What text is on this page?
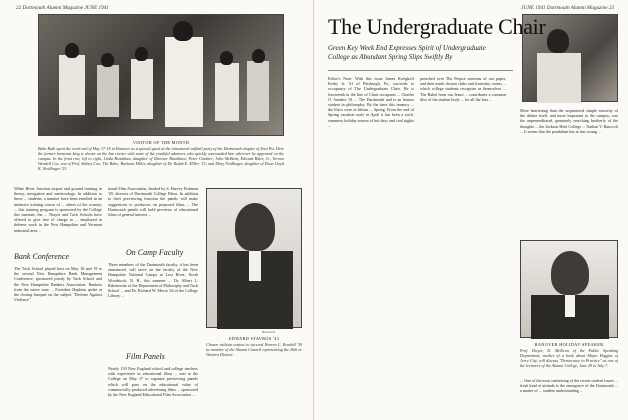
22 Dartmouth Alumni Magazine JUNE 1941
VISITOR OF THE MONTH
Babe Ruth spent the week-end of May 17-18 in Hanover as a special guest at the intramural softball party of the Dartmouth chapter of Zeta Psi. Here the former homerun king is shown on the Inn corner with some of the youthful admirers who quickly surrounded him wherever he appeared on the campus. In the front row, left to right, Linda Bradshaw, daughter of Director Bradshaw; Peter Gunther; John McBain; Edward Riker, Jr.; Vernon Wendell Cox, son of Prof. Sidney Cox; The Babe; Barbara Miller, daughter of Dr. Ralph E. Miller '15; and Mary Neidlinger, daughter of Dean Lloyd K. Neidlinger '23.
White River Junction airport and ground training in theory, navigation and meteorology. In addition to these ... students, a number have been enrolled in an intensive training course of ... others of the country. ... this training program is sponsored by the College this summer, the ... Thayer and Tuck Schools have offered to give free of charge to ... employed in defense work in the New Hampshire and Vermont industrial area ...
Bank Conference
The Tuck School played host on May 18 and 19 to the second New Hampshire Bank Management Conference, sponsored jointly by Tuck School and the New Hampshire Bankers Association. Bankers from the entire state ... President Hopkins spoke at the closing banquet on the subject "Defense Against Violence."
tional Film Association, headed by S. Harvey Fishman '29, director of Dartmouth College Films. In addition to their previewing function the panels will make suggestions to producers on proposed films ... The Dartmouth panels will hold previews of educational films of general interest ...
On Camp Faculty
Three members of the Dartmouth faculty, it has been announced, will serve on the faculty of the New Hampshire National Camps at Lost River, North Woodstock, N. H., this summer ... Dr. Albert L. Rabinowitz of the Department of Philosophy and Tuck School ... and Dr. Richard W. Morin '24 of the College Library ...
Film Panels
Nearly 150 New England school and college teachers with experience in educational films ... met at the College on May 17 to organize previewing panels which will pass on the educational value of commercially produced advertising films ... sponsored by the New England Educational Film Association ...
Bachrach
EDWARD STAVROS '43
Chosen without contest to succeed Warren C. Kendall '39 as member of the Alumni Council representing the 26th or Western District.
JUNE 1941 Dartmouth Alumni Magazine 23
The Undergraduate Chair
Green Key Week End Expresses Spirit of Undergraduate College as Abundant Spring Slips Swiftly By
Editor's Note: With this issue James Kreighoff Kerby Jr. '41 of Pittsburgh, Pa., succeeds to occupancy of The Undergraduate Chair. He is fourteenth in the line of Chair occupants ... Charles O. Sanders '41 ... The Dartmouth and is an honors student in philosophy. By the time this tenancy ... the lilacs were in bloom ... Spring. From the end of Spring vacation early in April it has been a swift, summery holiday season of hot days and cool nights ...
preached over The Pequot sermons of our paper, and then made chosen clubs and fraternity rooms ... which college students recognize as themselves ... The Babel from our Jesuit ... contributes a common dive of the student body ... for all the fuss ...
More heartening than the sequestered simple sincerity of the debate itself, and more important to the campus, was the unpremeditated, genuinely searching brotherly of the thoughts ... the Jackson Hole College ... Nathan V. Bancroft ... It seems that the pendulum has at last swung ...
HANOVER HOLIDAY SPEAKER
Prof. Dwyer, D. McKeon of the Public Speaking Department, mother of a book about Major Higgins of Jerry City, will discuss "Democracy in Practice" as one of the lecturers of the Alumni College, June 29 to July 7.
... One of the most interesting of the recent student issues ... fresh kind of attitude is the emergence of the Dartmouth ... a matter of ... student understanding ...
